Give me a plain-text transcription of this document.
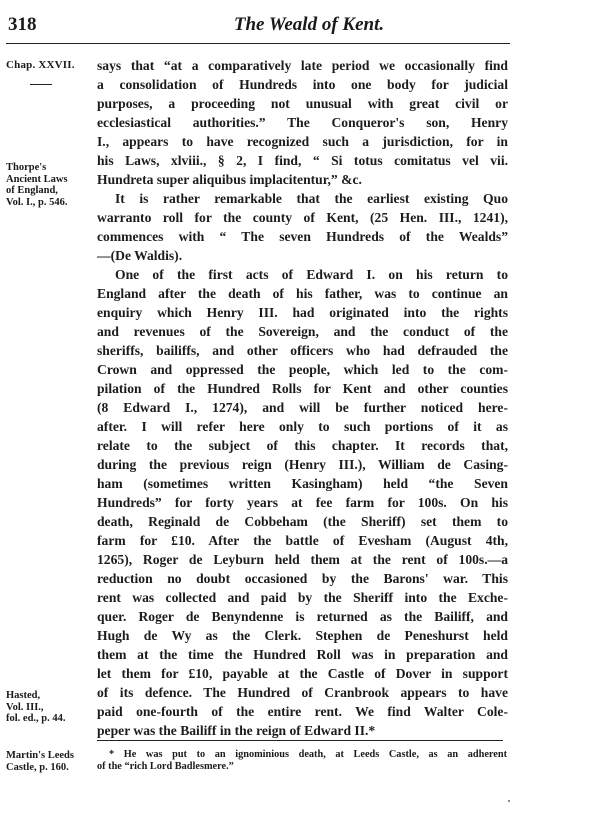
318	The Weald of Kent.
Chap. XXVII.
Thorpe's
Ancient Laws
of England,
Vol. I., p. 546.
Hasted,
Vol. III.,
fol. ed., p. 44.
Martin's Leeds
Castle, p. 160.
says that “at a comparatively late period we occasionally find
a consolidation of Hundreds into one body for judicial
purposes, a proceeding not unusual with great civil or
ecclesiastical authorities.” The Conqueror's son, Henry
I., appears to have recognized such a jurisdiction, for in
his Laws, xlviii., § 2, I find, “ Si totus comitatus vel vii.
Hundreta super aliquibus implacitentur,” &c.
It is rather remarkable that the earliest existing Quo
warranto roll for the county of Kent, (25 Hen. III., 1241),
commences with “ The seven Hundreds of the Wealds”
—(De Waldis).
One of the first acts of Edward I. on his return to
England after the death of his father, was to continue an
enquiry which Henry III. had originated into the rights
and revenues of the Sovereign, and the conduct of the
sheriffs, bailiffs, and other officers who had defrauded the
Crown and oppressed the people, which led to the com-
pilation of the Hundred Rolls for Kent and other counties
(8 Edward I., 1274), and will be further noticed here-
after. I will refer here only to such portions of it as
relate to the subject of this chapter. It records that,
during the previous reign (Henry III.), William de Casing-
ham (sometimes written Kasingham) held “the Seven
Hundreds” for forty years at fee farm for 100s. On his
death, Reginald de Cobbeham (the Sheriff) set them to
farm for £10. After the battle of Evesham (August 4th,
1265), Roger de Leyburn held them at the rent of 100s.—a
reduction no doubt occasioned by the Barons' war. This
rent was collected and paid by the Sheriff into the Exche-
quer. Roger de Benyndenne is returned as the Bailiff, and
Hugh de Wy as the Clerk. Stephen de Peneshurst held
them at the time the Hundred Roll was in preparation and
let them for £10, payable at the Castle of Dover in support
of its defence. The Hundred of Cranbrook appears to have
paid one-fourth of the entire rent. We find Walter Cole-
peper was the Bailiff in the reign of Edward II.*
* He was put to an ignominious death, at Leeds Castle, as an adherent
of the “rich Lord Badlesmere.”
